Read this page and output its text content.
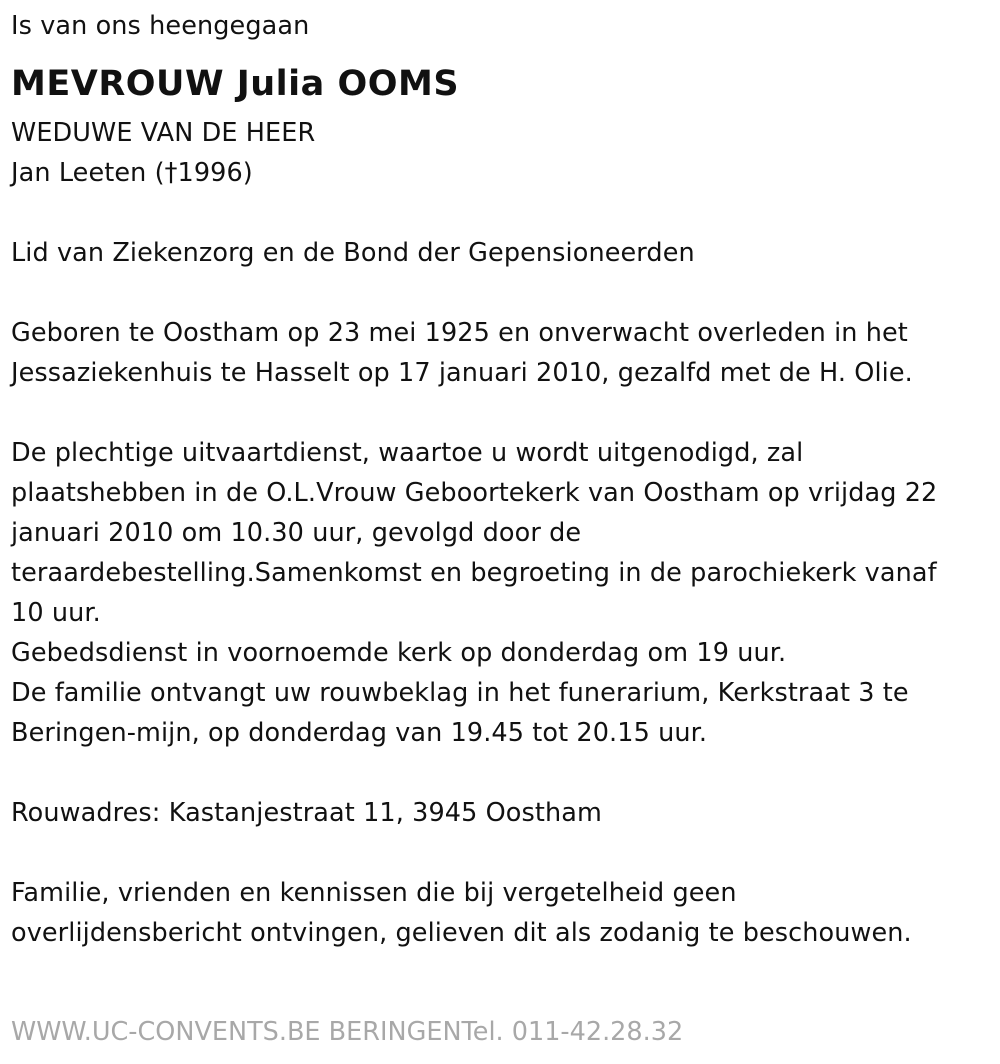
Is van ons heengegaan
MEVROUW Julia OOMS
WEDUWE VAN DE HEER
Jan Leeten (†1996)
Lid van Ziekenzorg en de Bond der Gepensioneerden
Geboren te Oostham op 23 mei 1925 en onverwacht overleden in het
Jessaziekenhuis te Hasselt op 17 januari 2010, gezalfd met de H. Olie.
De plechtige uitvaartdienst, waartoe u wordt uitgenodigd, zal
plaatshebben in de O.L.Vrouw Geboortekerk van Oostham op vrijdag 22
januari 2010 om 10.30 uur, gevolgd door de
teraardebestelling.Samenkomst en begroeting in de parochiekerk vanaf
10 uur.
Gebedsdienst in voornoemde kerk op donderdag om 19 uur.
De familie ontvangt uw rouwbeklag in het funerarium, Kerkstraat 3 te
Beringen-mijn, op donderdag van 19.45 tot 20.15 uur.
Rouwadres: Kastanjestraat 11, 3945 Oostham
Familie, vrienden en kennissen die bij vergetelheid geen
overlijdensbericht ontvingen, gelieven dit als zodanig te beschouwen.
WWW.UC-CONVENTS.BE BERINGENTel. 011-42.28.32
